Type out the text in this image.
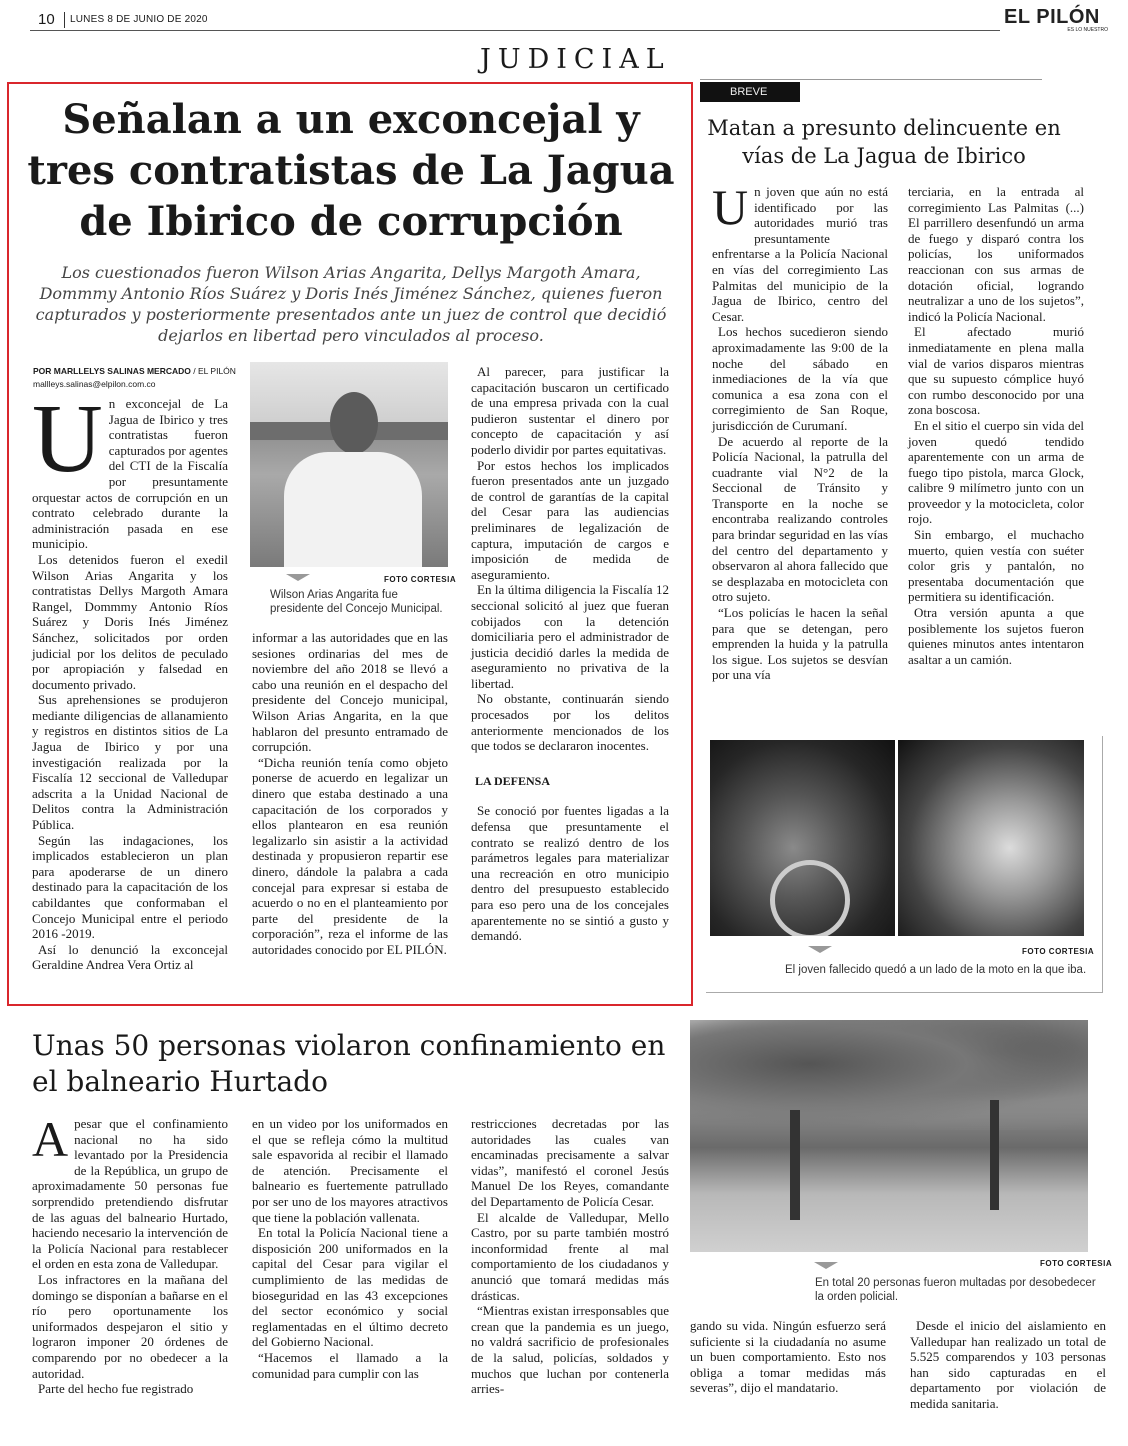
10 LUNES 8 DE JUNIO DE 2020	EL PILÓN
ES LO NUESTRO
JUDICIAL
Señalan a un exconcejal y tres contratistas de La Jagua de Ibirico de corrupción
Los cuestionados fueron Wilson Arias Angarita, Dellys Margoth Amara, Dommmy Antonio Ríos Suárez y Doris Inés Jiménez Sánchez, quienes fueron capturados y posteriormente presentados ante un juez de control que decidió dejarlos en libertad pero vinculados al proceso.
POR MARLLELYS SALINAS MERCADO / EL PILÓN
mallleys.salinas@elpilon.com.co

Un exconcejal de La Jagua de Ibirico y tres contratistas fueron capturados por agentes del CTI de la Fiscalía por presuntamente orquestar actos de corrupción en un contrato celebrado durante la administración pasada en ese municipio.

Los detenidos fueron el exedil Wilson Arias Angarita y los contratistas Dellys Margoth Amara Rangel, Dommmy Antonio Ríos Suárez y Doris Inés Jiménez Sánchez, solicitados por orden judicial por los delitos de peculado por apropiación y falsedad en documento privado.

Sus aprehensiones se produjeron mediante diligencias de allanamiento y registros en distintos sitios de La Jagua de Ibirico y por una investigación realizada por la Fiscalía 12 seccional de Valledupar adscrita a la Unidad Nacional de Delitos contra la Administración Pública.

Según las indagaciones, los implicados establecieron un plan para apoderarse de un dinero destinado para la capacitación de los cabildantes que conformaban el Concejo Municipal entre el periodo 2016 -2019.

Así lo denunció la exconcejal Geraldine Andrea Vera Ortiz al

FOTO CORTESIA
Wilson Arias Angarita fue presidente del Concejo Municipal.

informar a las autoridades que en las sesiones ordinarias del mes de noviembre del año 2018 se llevó a cabo una reunión en el despacho del presidente del Concejo municipal, Wilson Arias Angarita, en la que hablaron del presunto entramado de corrupción.

“Dicha reunión tenía como objeto ponerse de acuerdo en legalizar un dinero que estaba destinado a una capacitación de los corporados y ellos plantearon en esa reunión legalizarlo sin asistir a la actividad destinada y propusieron repartir ese dinero, dándole la palabra a cada concejal para expresar si estaba de acuerdo o no en el planteamiento por parte del presidente de la corporación”, reza el informe de las autoridades conocido por EL PILÓN.

Al parecer, para justificar la capacitación buscaron un certificado de una empresa privada con la cual pudieron sustentar el dinero por concepto de capacitación y así poderlo dividir por partes equitativas.

Por estos hechos los implicados fueron presentados ante un juzgado de control de garantías de la capital del Cesar para las audiencias preliminares de legalización de captura, imputación de cargos e imposición de medida de aseguramiento.

En la última diligencia la Fiscalía 12 seccional solicitó al juez que fueran cobijados con la detención domiciliaria pero el administrador de justicia decidió darles la medida de aseguramiento no privativa de la libertad.

No obstante, continuarán siendo procesados por los delitos anteriormente mencionados de los que todos se declararon inocentes.

LA DEFENSA

Se conoció por fuentes ligadas a la defensa que presuntamente el contrato se realizó dentro de los parámetros legales para materializar una recreación en otro municipio dentro del presupuesto establecido para eso pero una de los concejales aparentemente no se sintió a gusto y demandó.

BREVE
Matan a presunto delincuente en vías de La Jagua de Ibirico

Un joven que aún no está identificado por las autoridades murió tras presuntamente enfrentarse a la Policía Nacional en vías del corregimiento Las Palmitas del municipio de la Jagua de Ibirico, centro del Cesar.

Los hechos sucedieron siendo aproximadamente las 9:00 de la noche del sábado en inmediaciones de la vía que comunica a esa zona con el corregimiento de San Roque, jurisdicción de Curumaní.

De acuerdo al reporte de la Policía Nacional, la patrulla del cuadrante vial N°2 de la Seccional de Tránsito y Transporte en la noche se encontraba realizando controles para brindar seguridad en las vías del centro del departamento y observaron al ahora fallecido que se desplazaba en motocicleta con otro sujeto.

“Los policías le hacen la señal para que se detengan, pero emprenden la huida y la patrulla los sigue. Los sujetos se desvían por una vía

terciaria, en la entrada al corregimiento Las Palmitas (...) El parrillero desenfundó un arma de fuego y disparó contra los policías, los uniformados reaccionan con sus armas de dotación oficial, logrando neutralizar a uno de los sujetos”, indicó la Policía Nacional.

El afectado murió inmediatamente en plena malla vial de varios disparos mientras que su supuesto cómplice huyó con rumbo desconocido por una zona boscosa.

En el sitio el cuerpo sin vida del joven quedó tendido aparentemente con un arma de fuego tipo pistola, marca Glock, calibre 9 milímetro junto con un proveedor y la motocicleta, color rojo.

Sin embargo, el muchacho muerto, quien vestía con suéter color gris y pantalón, no presentaba documentación que permitiera su identificación.

Otra versión apunta a que posiblemente los sujetos fueron quienes minutos antes intentaron asaltar a un camión.

FOTO CORTESIA
El joven fallecido quedó a un lado de la moto en la que iba.
Unas 50 personas violaron confinamiento en el balneario Hurtado

Apesar que el confinamiento nacional no ha sido levantado por la Presidencia de la República, un grupo de aproximadamente 50 personas fue sorprendido pretendiendo disfrutar de las aguas del balneario Hurtado, haciendo necesario la intervención de la Policía Nacional para restablecer el orden en esta zona de Valledupar.

Los infractores en la mañana del domingo se disponían a bañarse en el río pero oportunamente los uniformados despejaron el sitio y lograron imponer 20 órdenes de comparendo por no obedecer a la autoridad.

Parte del hecho fue registrado

en un video por los uniformados en el que se refleja cómo la multitud sale espavorida al recibir el llamado de atención. Precisamente el balneario es fuertemente patrullado por ser uno de los mayores atractivos que tiene la población vallenata.

En total la Policía Nacional tiene a disposición 200 uniformados en la capital del Cesar para vigilar el cumplimiento de las medidas de bioseguridad en las 43 excepciones del sector económico y social reglamentadas en el último decreto del Gobierno Nacional.

“Hacemos el llamado a la comunidad para cumplir con las

restricciones decretadas por las autoridades las cuales van encaminadas precisamente a salvar vidas”, manifestó el coronel Jesús Manuel De los Reyes, comandante del Departamento de Policía Cesar.

El alcalde de Valledupar, Mello Castro, por su parte también mostró inconformidad frente al mal comportamiento de los ciudadanos y anunció que tomará medidas más drásticas.

“Mientras existan irresponsables que crean que la pandemia es un juego, no valdrá sacrificio de profesionales de la salud, policías, soldados y muchos que luchan por contenerla arries-

FOTO CORTESIA
En total 20 personas fueron multadas por desobedecer la orden policial.

gando su vida. Ningún esfuerzo será suficiente si la ciudadanía no asume un buen comportamiento. Esto nos obliga a tomar medidas más severas”, dijo el mandatario.

Desde el inicio del aislamiento en Valledupar han realizado un total de 5.525 comparendos y 103 personas han sido capturadas en el departamento por violación de medida sanitaria.
